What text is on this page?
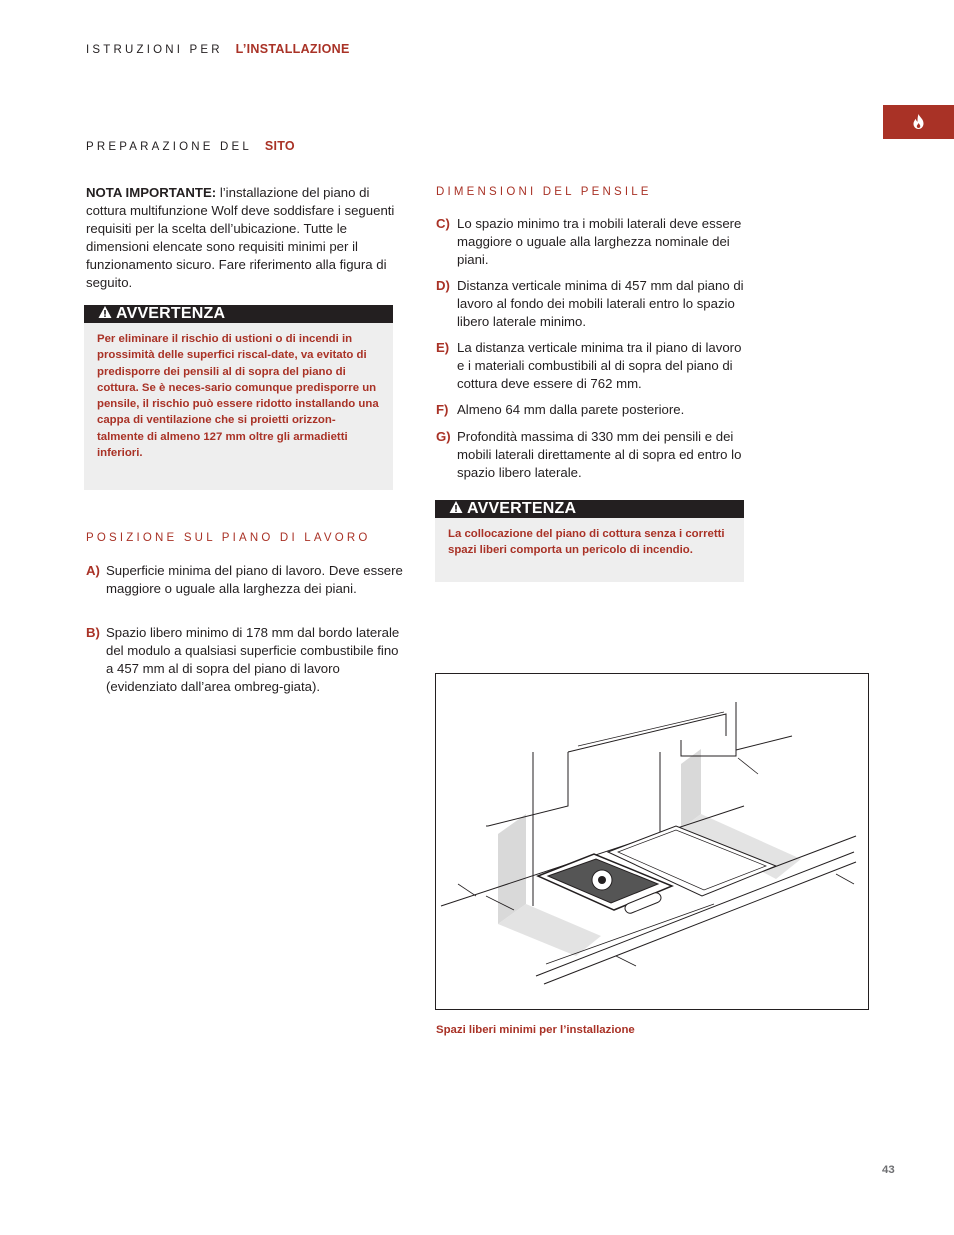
ISTRUZIONI PER L’INSTALLAZIONE
PREPARAZIONE DEL SITO
NOTA IMPORTANTE: l’installazione del piano di cottura multifunzione Wolf deve soddisfare i seguenti requisiti per la scelta dell’ubicazione. Tutte le dimensioni elencate sono requisiti minimi per il funzionamento sicuro. Fare riferimento alla figura di seguito.
AVVERTENZA
Per eliminare il rischio di ustioni o di incendi in prossimità delle superfici riscal-date, va evitato di predisporre dei pensili al di sopra del piano di cottura. Se è neces-sario comunque predisporre un pensile, il rischio può essere ridotto installando una cappa di ventilazione che si proietti orizzon-talmente di almeno 127 mm oltre gli armadietti inferiori.
POSIZIONE SUL PIANO DI LAVORO
A) Superficie minima del piano di lavoro. Deve essere maggiore o uguale alla larghezza dei piani.
B) Spazio libero minimo di 178 mm dal bordo laterale del modulo a qualsiasi superficie combustibile fino a 457 mm al di sopra del piano di lavoro (evidenziato dall’area ombreg-giata).
DIMENSIONI DEL PENSILE
C) Lo spazio minimo tra i mobili laterali deve essere maggiore o uguale alla larghezza nominale dei piani.
D) Distanza verticale minima di 457 mm dal piano di lavoro al fondo dei mobili laterali entro lo spazio libero laterale minimo.
E) La distanza verticale minima tra il piano di lavoro e i materiali combustibili al di sopra del piano di cottura deve essere di 762 mm.
F) Almeno 64 mm dalla parete posteriore.
G) Profondità massima di 330 mm dei pensili e dei mobili laterali direttamente al di sopra ed entro lo spazio libero laterale.
AVVERTENZA
La collocazione del piano di cottura senza i corretti spazi liberi comporta un pericolo di incendio.
Spazi liberi minimi per l’installazione
43
